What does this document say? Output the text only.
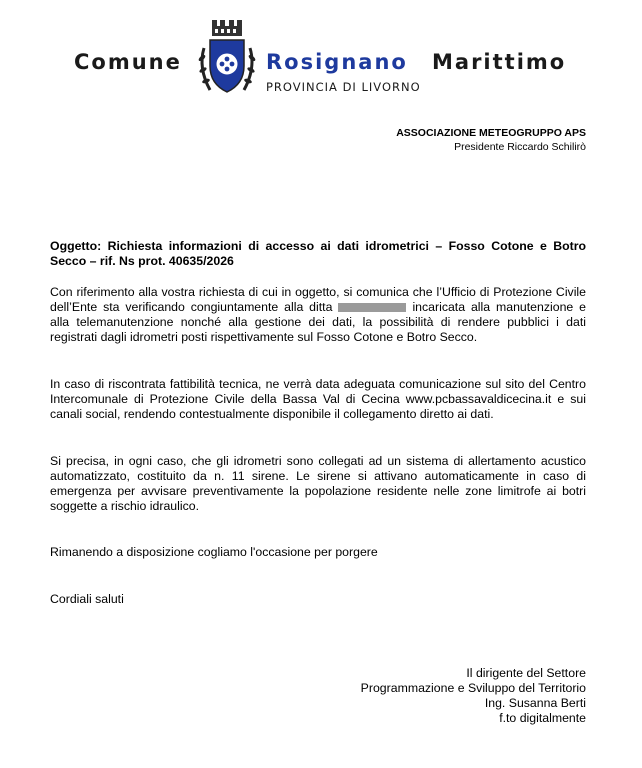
Comune	Rosignano Marittimo
PROVINCIA DI LIVORNO
ASSOCIAZIONE METEOGRUPPO APS
Presidente Riccardo Schilirò
Oggetto: Richiesta informazioni di accesso ai dati idrometrici – Fosso Cotone e Botro Secco – rif. Ns prot. 40635/2026
Con riferimento alla vostra richiesta di cui in oggetto, si comunica che l’Ufficio di Protezione Civile dell’Ente sta verificando congiuntamente alla ditta	incaricata alla manutenzione e alla telemanutenzione nonché alla gestione dei dati, la possibilità di rendere pubblici i dati registrati dagli idrometri posti rispettivamente sul Fosso Cotone e Botro Secco.
In caso di riscontrata fattibilità tecnica, ne verrà data adeguata comunicazione sul sito del Centro Intercomunale di Protezione Civile della Bassa Val di Cecina www.pcbassavaldicecina.it e sui canali social, rendendo contestualmente disponibile il collegamento diretto ai dati.
Si precisa, in ogni caso, che gli idrometri sono collegati ad un sistema di allertamento acustico automatizzato, costituito da n. 11 sirene. Le sirene si attivano automaticamente in caso di emergenza per avvisare preventivamente la popolazione residente nelle zone limitrofe ai botri soggette a rischio idraulico.
Rimanendo a disposizione cogliamo l'occasione per porgere
Cordiali saluti
Il dirigente del Settore
Programmazione e Sviluppo del Territorio
Ing. Susanna Berti
f.to digitalmente
